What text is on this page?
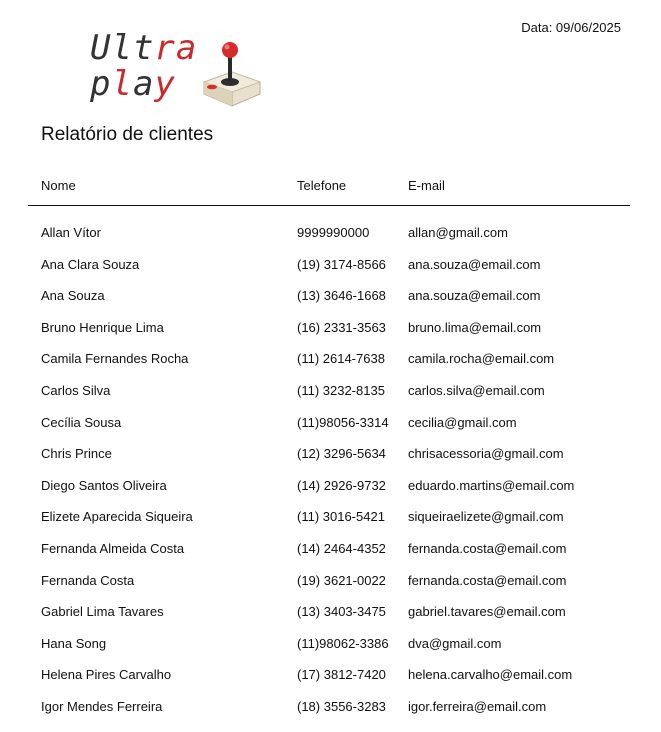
Data: 09/06/2025
Ultra
play
Relatório de clientes
Nome	Telefone	E-mail
Allan Vítor	9999990000	allan@gmail.com
Ana Clara Souza	(19) 3174-8566 ana.souza@email.com
Ana Souza	(13) 3646-1668 ana.souza@email.com
Bruno Henrique Lima	(16) 2331-3563 bruno.lima@email.com
Camila Fernandes Rocha	(11) 2614-7638 camila.rocha@email.com
Carlos Silva	(11) 3232-8135 carlos.silva@email.com
Cecília Sousa	(11)98056-3314 cecilia@gmail.com
Chris Prince	(12) 3296-5634 chrisacessoria@gmail.com
Diego Santos Oliveira	(14) 2926-9732 eduardo.martins@email.com
Elizete Aparecida Siqueira	(11) 3016-5421 siqueiraelizete@gmail.com
Fernanda Almeida Costa	(14) 2464-4352 fernanda.costa@email.com
Fernanda Costa	(19) 3621-0022 fernanda.costa@email.com
Gabriel Lima Tavares	(13) 3403-3475 gabriel.tavares@email.com
Hana Song	(11)98062-3386 dva@gmail.com
Helena Pires Carvalho	(17) 3812-7420 helena.carvalho@email.com
Igor Mendes Ferreira	(18) 3556-3283 igor.ferreira@email.com
